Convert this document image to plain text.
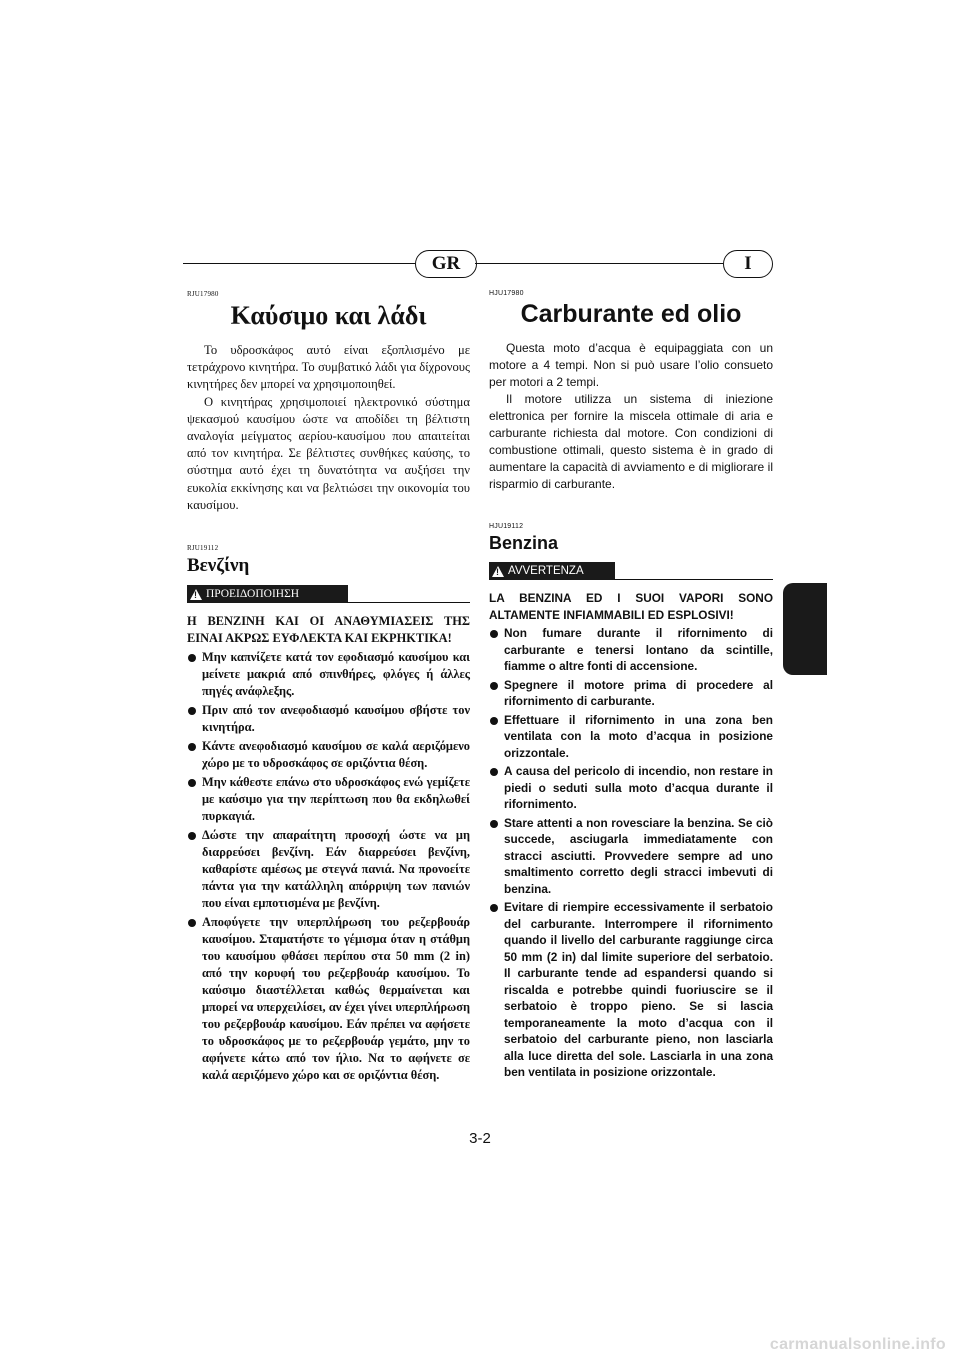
GR	I
RJU17980
Καύσιμο και λάδι

Το υδροσκάφος αυτό είναι εξοπλισμένο με τετράχρονο κινητήρα. Το συμβατικό λάδι για δίχρονους κινητήρες δεν μπορεί να χρησιμοποιηθεί.

Ο κινητήρας χρησιμοποιεί ηλεκτρονικό σύστημα ψεκασμού καυσίμου ώστε να αποδίδει τη βέλτιστη αναλογία μείγματος αερίου-καυσίμου που απαιτείται από τον κινητήρα. Σε βέλτιστες συνθήκες καύσης, το σύστημα αυτό έχει τη δυνατότητα να αυξήσει την ευκολία εκκίνησης και να βελτιώσει την οικονομία του καυσίμου.

RJU19112
Βενζίνη
!
ΠΡΟΕΙΔΟΠΟΙΗΣΗ

Η ΒΕΝΖΙΝΗ ΚΑΙ ΟΙ ΑΝΑΘΥΜΙΑΣΕΙΣ ΤΗΣ ΕΙΝΑΙ ΑΚΡΩΣ ΕΥΦΛΕΚΤΑ ΚΑΙ ΕΚΡΗΚΤΙΚΑ!

Μην καπνίζετε κατά τον εφοδιασμό καυσίμου και μείνετε μακριά από σπινθήρες, φλόγες ή άλλες πηγές ανάφλεξης.
Πριν από τον ανεφοδιασμό καυσίμου σβήστε τον κινητήρα.
Κάντε ανεφοδιασμό καυσίμου σε καλά αεριζόμενο χώρο με το υδροσκάφος σε οριζόντια θέση.
Μην κάθεστε επάνω στο υδροσκάφος ενώ γεμίζετε με καύσιμο για την περίπτωση που θα εκδηλωθεί πυρκαγιά.
Δώστε την απαραίτητη προσοχή ώστε να μη διαρρεύσει βενζίνη. Εάν διαρρεύσει βενζίνη, καθαρίστε αμέσως με στεγνά πανιά. Να προνοείτε πάντα για την κατάλληλη απόρριψη των πανιών που είναι εμποτισμένα με βενζίνη.
Αποφύγετε την υπερπλήρωση του ρεζερβουάρ καυσίμου. Σταματήστε το γέμισμα όταν η στάθμη του καυσίμου φθάσει περίπου στα 50 mm (2 in) από την κορυφή του ρεζερβουάρ καυσίμου. Το καύσιμο διαστέλλεται καθώς θερμαίνεται και μπορεί να υπερχειλίσει, αν έχει γίνει υπερπλήρωση του ρεζερβουάρ καυσίμου. Εάν πρέπει να αφήσετε το υδροσκάφος με το ρεζερβουάρ γεμάτο, μην το αφήνετε κάτω από τον ήλιο. Να το αφήνετε σε καλά αεριζόμενο χώρο και σε οριζόντια θέση.
HJU17980
Carburante ed olio

Questa moto d’acqua è equipaggiata con un motore a 4 tempi. Non si può usare l’olio consueto per motori a 2 tempi.

Il motore utilizza un sistema di iniezione elettronica per fornire la miscela ottimale di aria e carburante richiesta dal motore. Con condizioni di combustione ottimali, questo sistema è in grado di aumentare la capacità di avviamento e di migliorare il risparmio di carburante.

HJU19112
Benzina
!
AVVERTENZA

LA BENZINA ED I SUOI VAPORI SONO ALTAMENTE INFIAMMABILI ED ESPLOSIVI!

Non fumare durante il rifornimento di carburante e tenersi lontano da scintille, fiamme o altre fonti di accensione.
Spegnere il motore prima di procedere al rifornimento di carburante.
Effettuare il rifornimento in una zona ben ventilata con la moto d’acqua in posizione orizzontale.
A causa del pericolo di incendio, non restare in piedi o seduti sulla moto d’acqua durante il rifornimento.
Stare attenti a non rovesciare la benzina. Se ciò succede, asciugarla immediatamente con stracci asciutti. Provvedere sempre ad uno smaltimento corretto degli stracci imbevuti di benzina.
Evitare di riempire eccessivamente il serbatoio del carburante. Interrompere il rifornimento quando il livello del carburante raggiunge circa 50 mm (2 in) dal limite superiore del serbatoio. Il carburante tende ad espandersi quando si riscalda e potrebbe quindi fuoriuscire se il serbatoio è troppo pieno. Se si lascia temporaneamente la moto d’acqua con il serbatoio del carburante pieno, non lasciarla alla luce diretta del sole. Lasciarla in una zona ben ventilata in posizione orizzontale.
3-2
carmanualsonline.info
